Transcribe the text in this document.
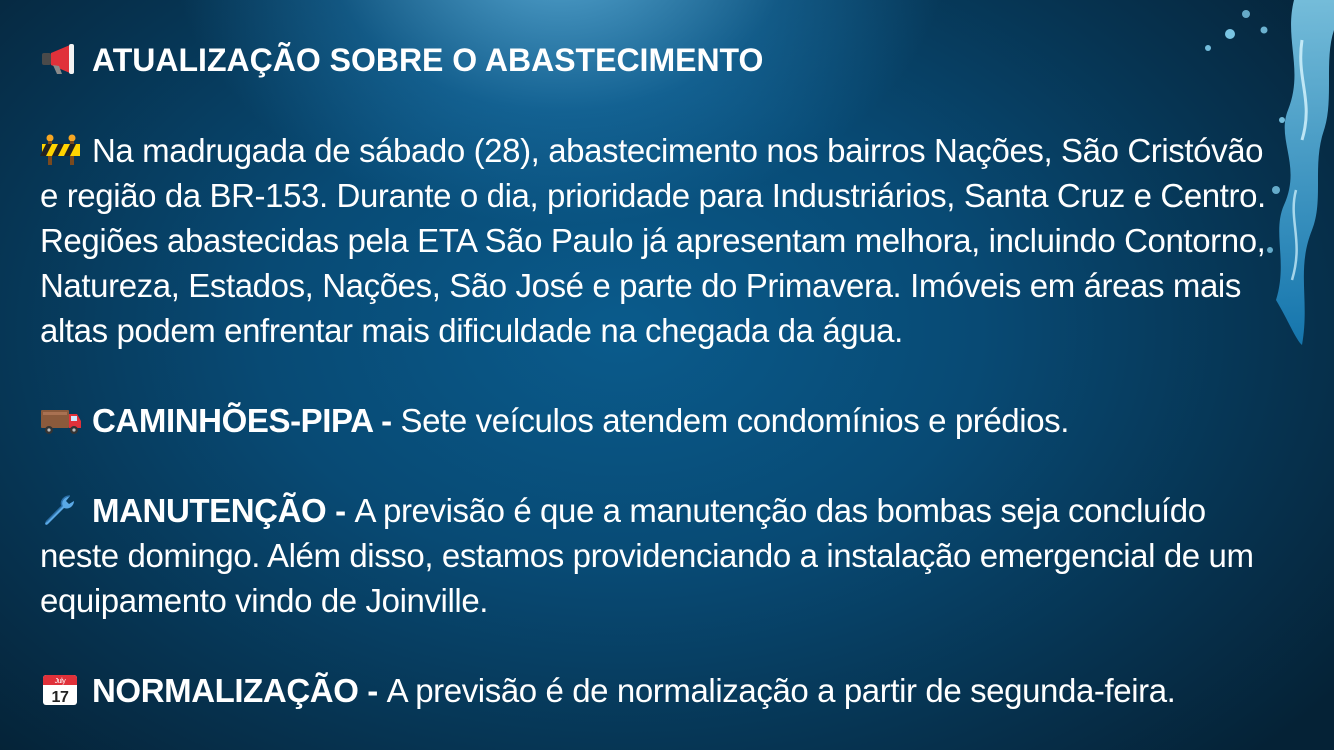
ATUALIZAÇÃO SOBRE O ABASTECIMENTO
Na madrugada de sábado (28), abastecimento nos bairros Nações, São Cristóvão
e região da BR-153. Durante o dia, prioridade para Industriários, Santa Cruz e Centro.
Regiões abastecidas pela ETA São Paulo já apresentam melhora, incluindo Contorno,
Natureza, Estados, Nações, São José e parte do Primavera. Imóveis em áreas mais
altas podem enfrentar mais dificuldade na chegada da água.
CAMINHÕES-PIPA - Sete veículos atendem condomínios e prédios.
MANUTENÇÃO - A previsão é que a manutenção das bombas seja concluído
neste domingo. Além disso, estamos providenciando a instalação emergencial de um
equipamento vindo de Joinville.
July
17 NORMALIZAÇÃO - A previsão é de normalização a partir de segunda-feira.
